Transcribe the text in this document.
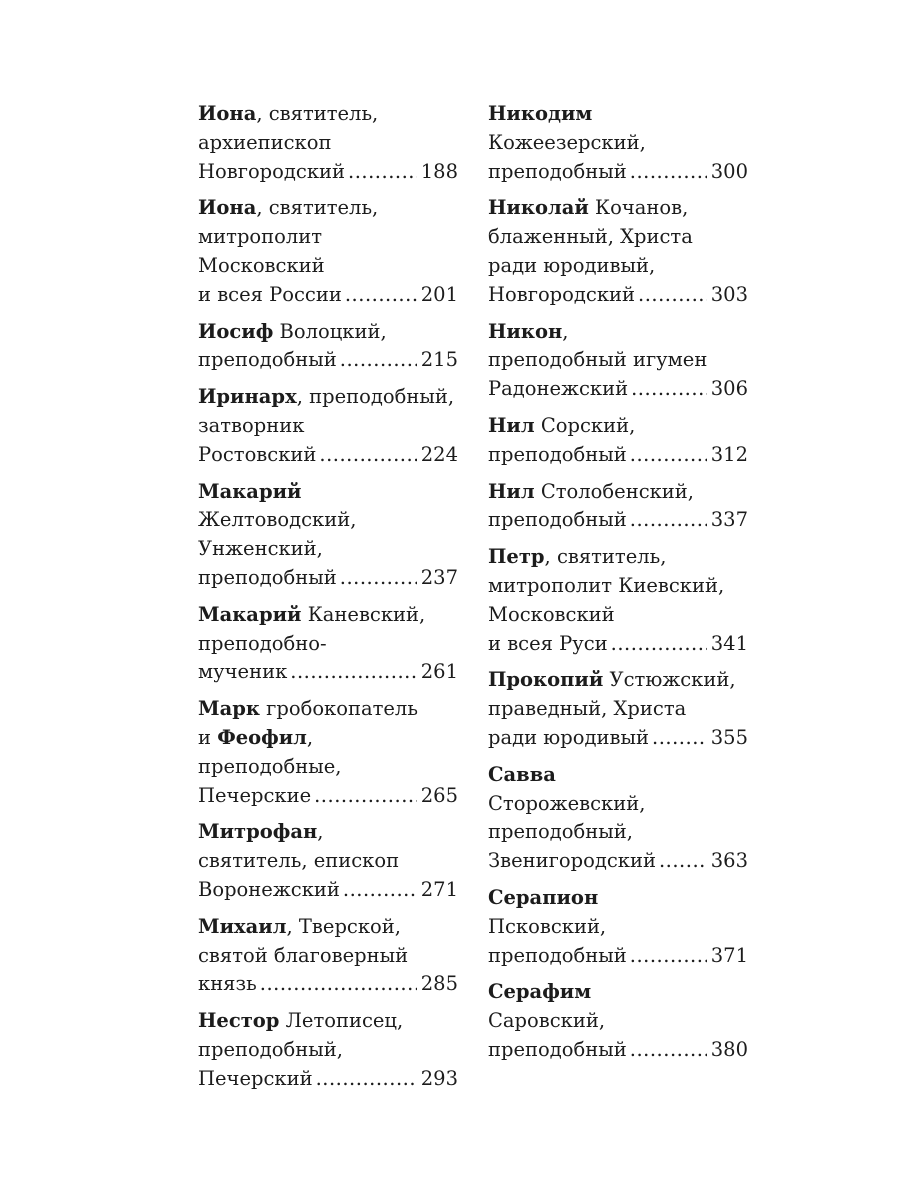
Иона, святитель,
архиепископ
Новгородский .....	188
Иона, святитель,
митрополит
Московский
и всея России .....	201
Иосиф Волоцкий,
преподобный .....	215
Иринарх, преподобный,
затворник
Ростовский .....	224
Макарий
Желтоводский,
Унженский,
преподобный .....	237
Макарий Каневский,
преподобно-
мученик .....	261
Марк гробокопатель
и Феофил,
преподобные,
Печерские .....	265
Митрофан,
святитель, епископ
Воронежский .....	271
Михаил, Тверской,
святой благоверный
князь .....	285
Нестор Летописец,
преподобный,
Печерский .....	293
Никодим
Кожеезерский,
преподобный .....	300
Николай Кочанов,
блаженный, Христа
ради юродивый,
Новгородский .....	303
Никон,
преподобный игумен
Радонежский .....	306
Нил Сорский,
преподобный .....	312
Нил Столобенский,
преподобный .....	337
Петр, святитель,
митрополит Киевский,
Московский
и всея Руси .....	341
Прокопий Устюжский,
праведный, Христа
ради юродивый .....	355
Савва
Сторожевский,
преподобный,
Звенигородский .....	363
Серапион
Псковский,
преподобный .....	371
Серафим
Саровский,
преподобный .....	380
